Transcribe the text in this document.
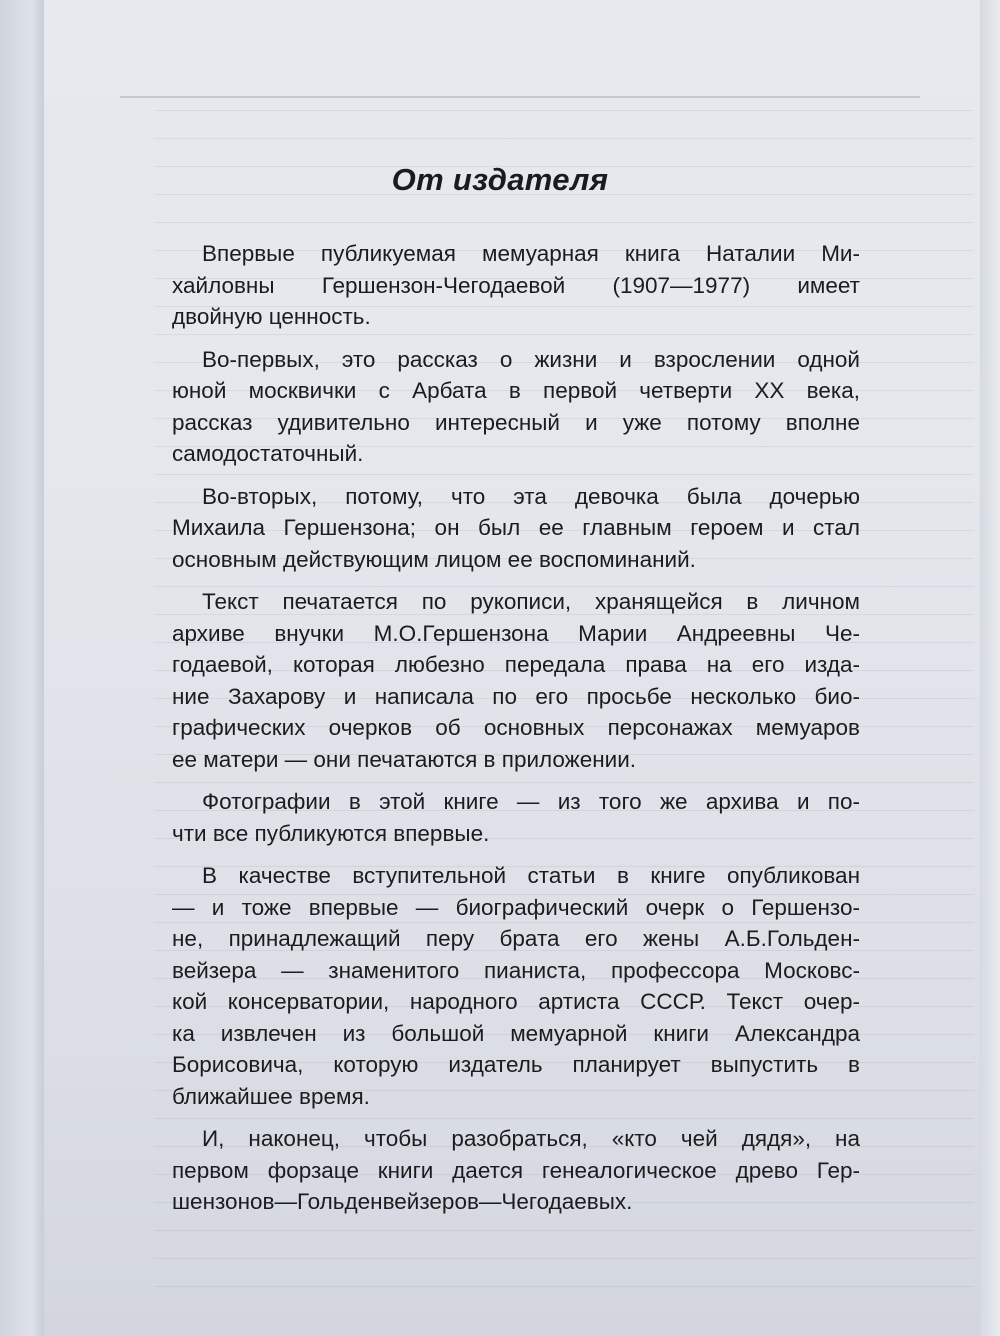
От издателя
Впервые публикуемая мемуарная книга Наталии Ми-
хайловны Гершензон-Чегодаевой (1907—1977) имеет
двойную ценность.
Во-первых, это рассказ о жизни и взрослении одной
юной москвички с Арбата в первой четверти XX века,
рассказ удивительно интересный и уже потому вполне
самодостаточный.
Во-вторых, потому, что эта девочка была дочерью
Михаила Гершензона; он был ее главным героем и стал
основным действующим лицом ее воспоминаний.
Текст печатается по рукописи, хранящейся в личном
архиве внучки М.О.Гершензона Марии Андреевны Че-
годаевой, которая любезно передала права на его изда-
ние Захарову и написала по его просьбе несколько био-
графических очерков об основных персонажах мемуаров
ее матери — они печатаются в приложении.
Фотографии в этой книге — из того же архива и по-
чти все публикуются впервые.
В качестве вступительной статьи в книге опубликован
— и тоже впервые — биографический очерк о Гершензо-
не, принадлежащий перу брата его жены А.Б.Гольден-
вейзера — знаменитого пианиста, профессора Московс-
кой консерватории, народного артиста СССР. Текст очер-
ка извлечен из большой мемуарной книги Александра
Борисовича, которую издатель планирует выпустить в
ближайшее время.
И, наконец, чтобы разобраться, «кто чей дядя», на
первом форзаце книги дается генеалогическое древо Гер-
шензонов—Гольденвейзеров—Чегодаевых.
